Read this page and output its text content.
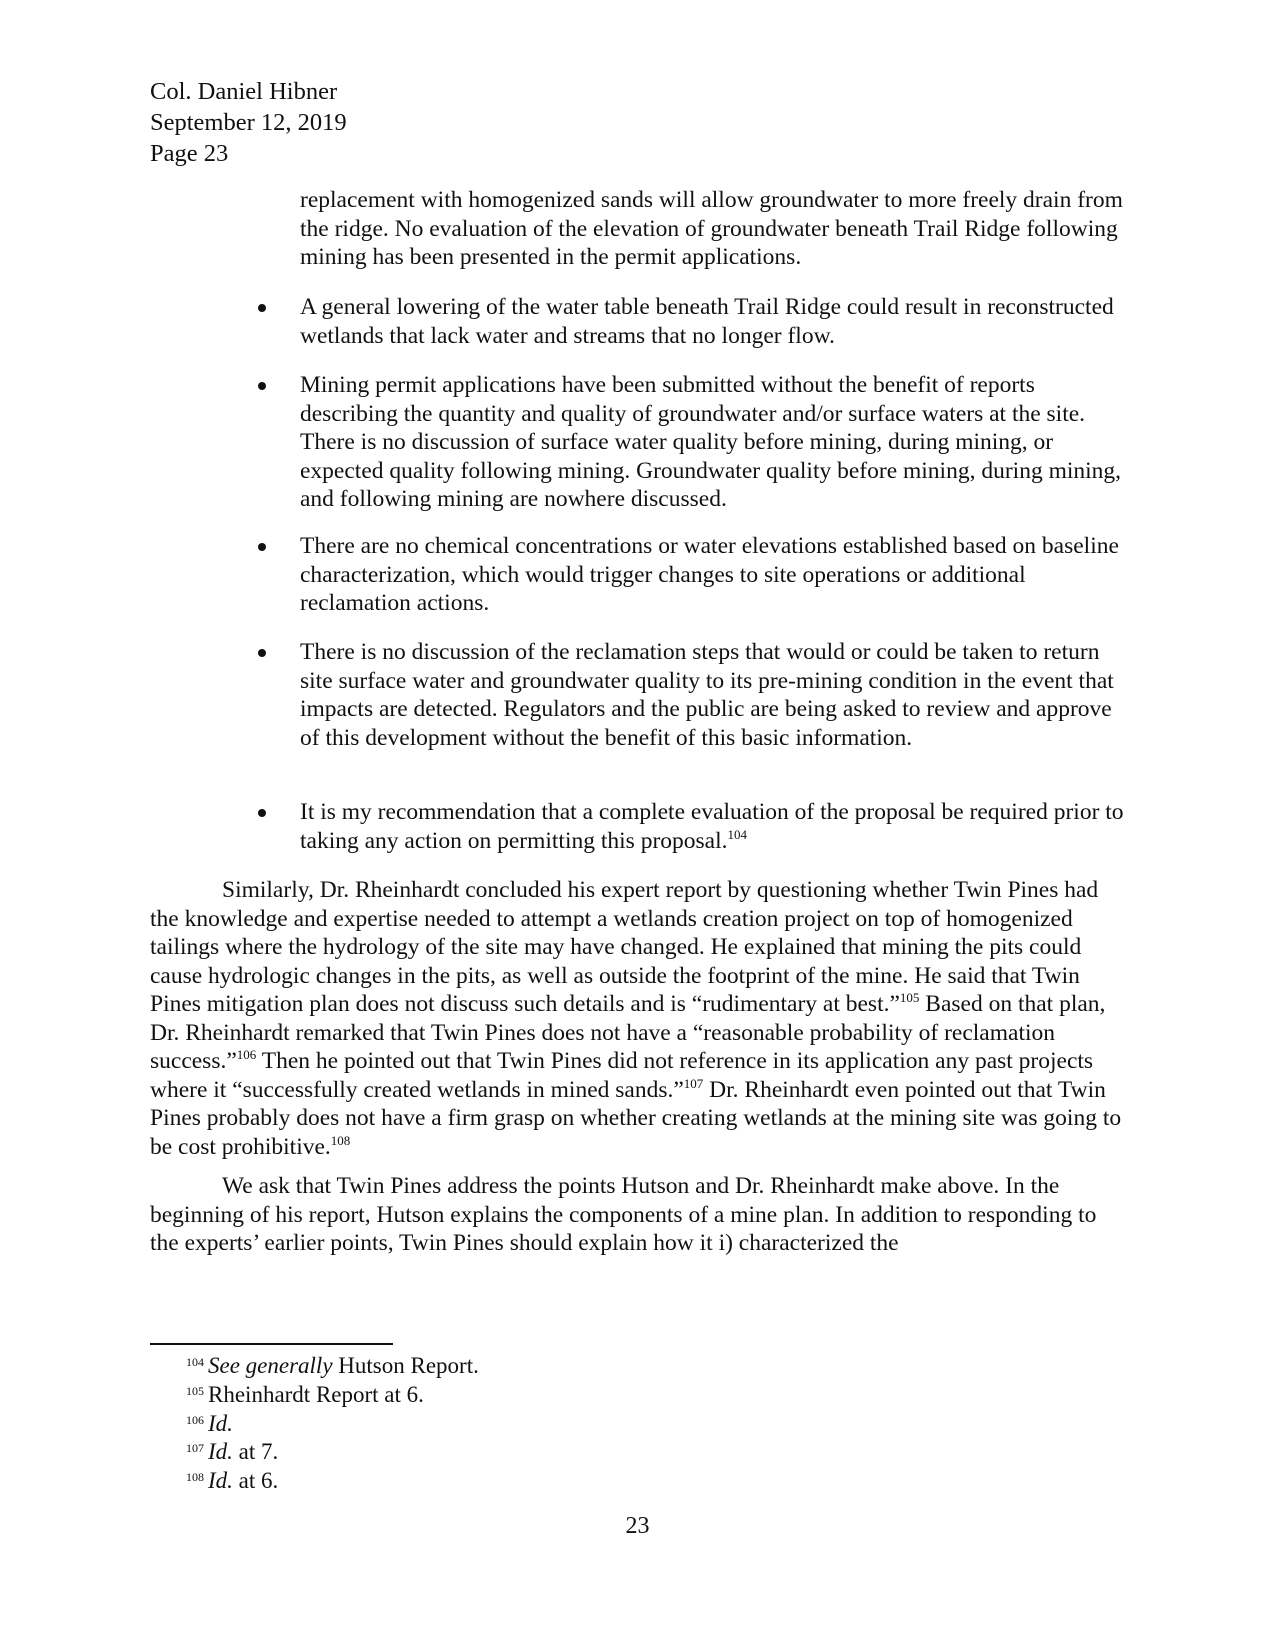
Col. Daniel Hibner
September 12, 2019
Page 23
replacement with homogenized sands will allow groundwater to more freely drain from the ridge. No evaluation of the elevation of groundwater beneath Trail Ridge following mining has been presented in the permit applications.
A general lowering of the water table beneath Trail Ridge could result in reconstructed wetlands that lack water and streams that no longer flow.
Mining permit applications have been submitted without the benefit of reports describing the quantity and quality of groundwater and/or surface waters at the site. There is no discussion of surface water quality before mining, during mining, or expected quality following mining. Groundwater quality before mining, during mining, and following mining are nowhere discussed.
There are no chemical concentrations or water elevations established based on baseline characterization, which would trigger changes to site operations or additional reclamation actions.
There is no discussion of the reclamation steps that would or could be taken to return site surface water and groundwater quality to its pre-mining condition in the event that impacts are detected. Regulators and the public are being asked to review and approve of this development without the benefit of this basic information.
It is my recommendation that a complete evaluation of the proposal be required prior to taking any action on permitting this proposal.$^{104}$

Similarly, Dr. Rheinhardt concluded his expert report by questioning whether Twin Pines had the knowledge and expertise needed to attempt a wetlands creation project on top of homogenized tailings where the hydrology of the site may have changed. He explained that mining the pits could cause hydrologic changes in the pits, as well as outside the footprint of the mine. He said that Twin Pines mitigation plan does not discuss such details and is “rudimentary at best.”$^{105}$ Based on that plan, Dr. Rheinhardt remarked that Twin Pines does not have a “reasonable probability of reclamation success.”$^{106}$ Then he pointed out that Twin Pines did not reference in its application any past projects where it “successfully created wetlands in mined sands.”$^{107}$ Dr. Rheinhardt even pointed out that Twin Pines probably does not have a firm grasp on whether creating wetlands at the mining site was going to be cost prohibitive.$^{108}$

We ask that Twin Pines address the points Hutson and Dr. Rheinhardt make above. In the beginning of his report, Hutson explains the components of a mine plan. In addition to responding to the experts’ earlier points, Twin Pines should explain how it i) characterized the

$^{104}$ See generally Hutson Report.
$^{105}$ Rheinhardt Report at 6.
$^{106}$ Id.
$^{107}$ Id. at 7.
$^{108}$ Id. at 6.
23
